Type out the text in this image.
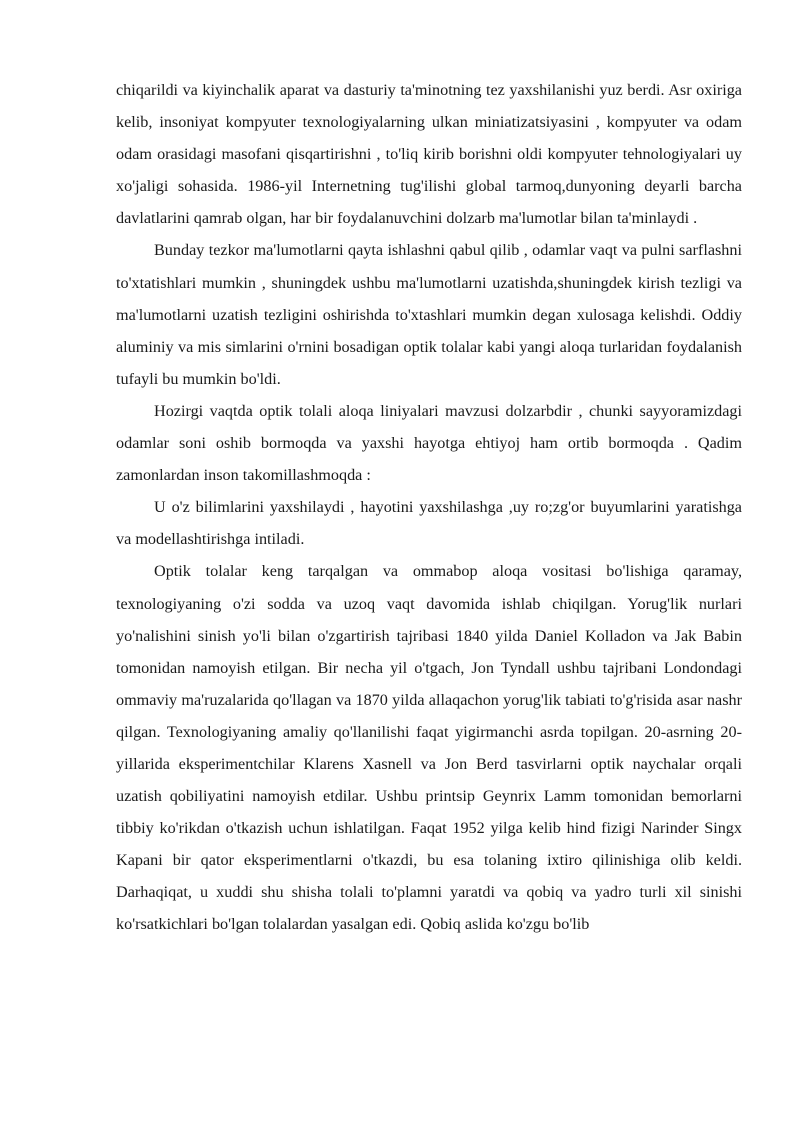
chiqarildi va kiyinchalik aparat va dasturiy ta'minotning tez yaxshilanishi yuz berdi. Asr oxiriga kelib, insoniyat kompyuter texnologiyalarning ulkan miniatizatsiyasini , kompyuter va odam odam orasidagi masofani qisqartirishni , to'liq kirib borishni oldi kompyuter tehnologiyalari uy xo'jaligi sohasida. 1986-yil Internetning tug'ilishi global tarmoq,dunyoning deyarli barcha davlatlarini qamrab olgan, har bir foydalanuvchini dolzarb ma'lumotlar bilan ta'minlaydi .

Bunday tezkor ma'lumotlarni qayta ishlashni qabul qilib , odamlar vaqt va pulni sarflashni to'xtatishlari mumkin , shuningdek ushbu ma'lumotlarni uzatishda,shuningdek kirish tezligi va ma'lumotlarni uzatish tezligini oshirishda to'xtashlari mumkin degan xulosaga kelishdi. Oddiy aluminiy va mis simlarini o'rnini bosadigan optik tolalar kabi yangi aloqa turlaridan foydalanish tufayli bu mumkin bo'ldi.

Hozirgi vaqtda optik tolali aloqa liniyalari mavzusi dolzarbdir , chunki sayyoramizdagi odamlar soni oshib bormoqda va yaxshi hayotga ehtiyoj ham ortib bormoqda . Qadim zamonlardan inson takomillashmoqda :

U o'z bilimlarini yaxshilaydi , hayotini yaxshilashga ,uy ro;zg'or buyumlarini yaratishga va modellashtirishga intiladi.

Optik tolalar keng tarqalgan va ommabop aloqa vositasi bo'lishiga qaramay, texnologiyaning o'zi sodda va uzoq vaqt davomida ishlab chiqilgan. Yorug'lik nurlari yo'nalishini sinish yo'li bilan o'zgartirish tajribasi 1840 yilda Daniel Kolladon va Jak Babin tomonidan namoyish etilgan. Bir necha yil o'tgach, Jon Tyndall ushbu tajribani Londondagi ommaviy ma'ruzalarida qo'llagan va 1870 yilda allaqachon yorug'lik tabiati to'g'risida asar nashr qilgan. Texnologiyaning amaliy qo'llanilishi faqat yigirmanchi asrda topilgan. 20-asrning 20-yillarida eksperimentchilar Klarens Xasnell va Jon Berd tasvirlarni optik naychalar orqali uzatish qobiliyatini namoyish etdilar. Ushbu printsip Geynrix Lamm tomonidan bemorlarni tibbiy ko'rikdan o'tkazish uchun ishlatilgan. Faqat 1952 yilga kelib hind fizigi Narinder Singx Kapani bir qator eksperimentlarni o'tkazdi, bu esa tolaning ixtiro qilinishiga olib keldi. Darhaqiqat, u xuddi shu shisha tolali to'plamni yaratdi va qobiq va yadro turli xil sinishi ko'rsatkichlari bo'lgan tolalardan yasalgan edi. Qobiq aslida ko'zgu bo'lib
